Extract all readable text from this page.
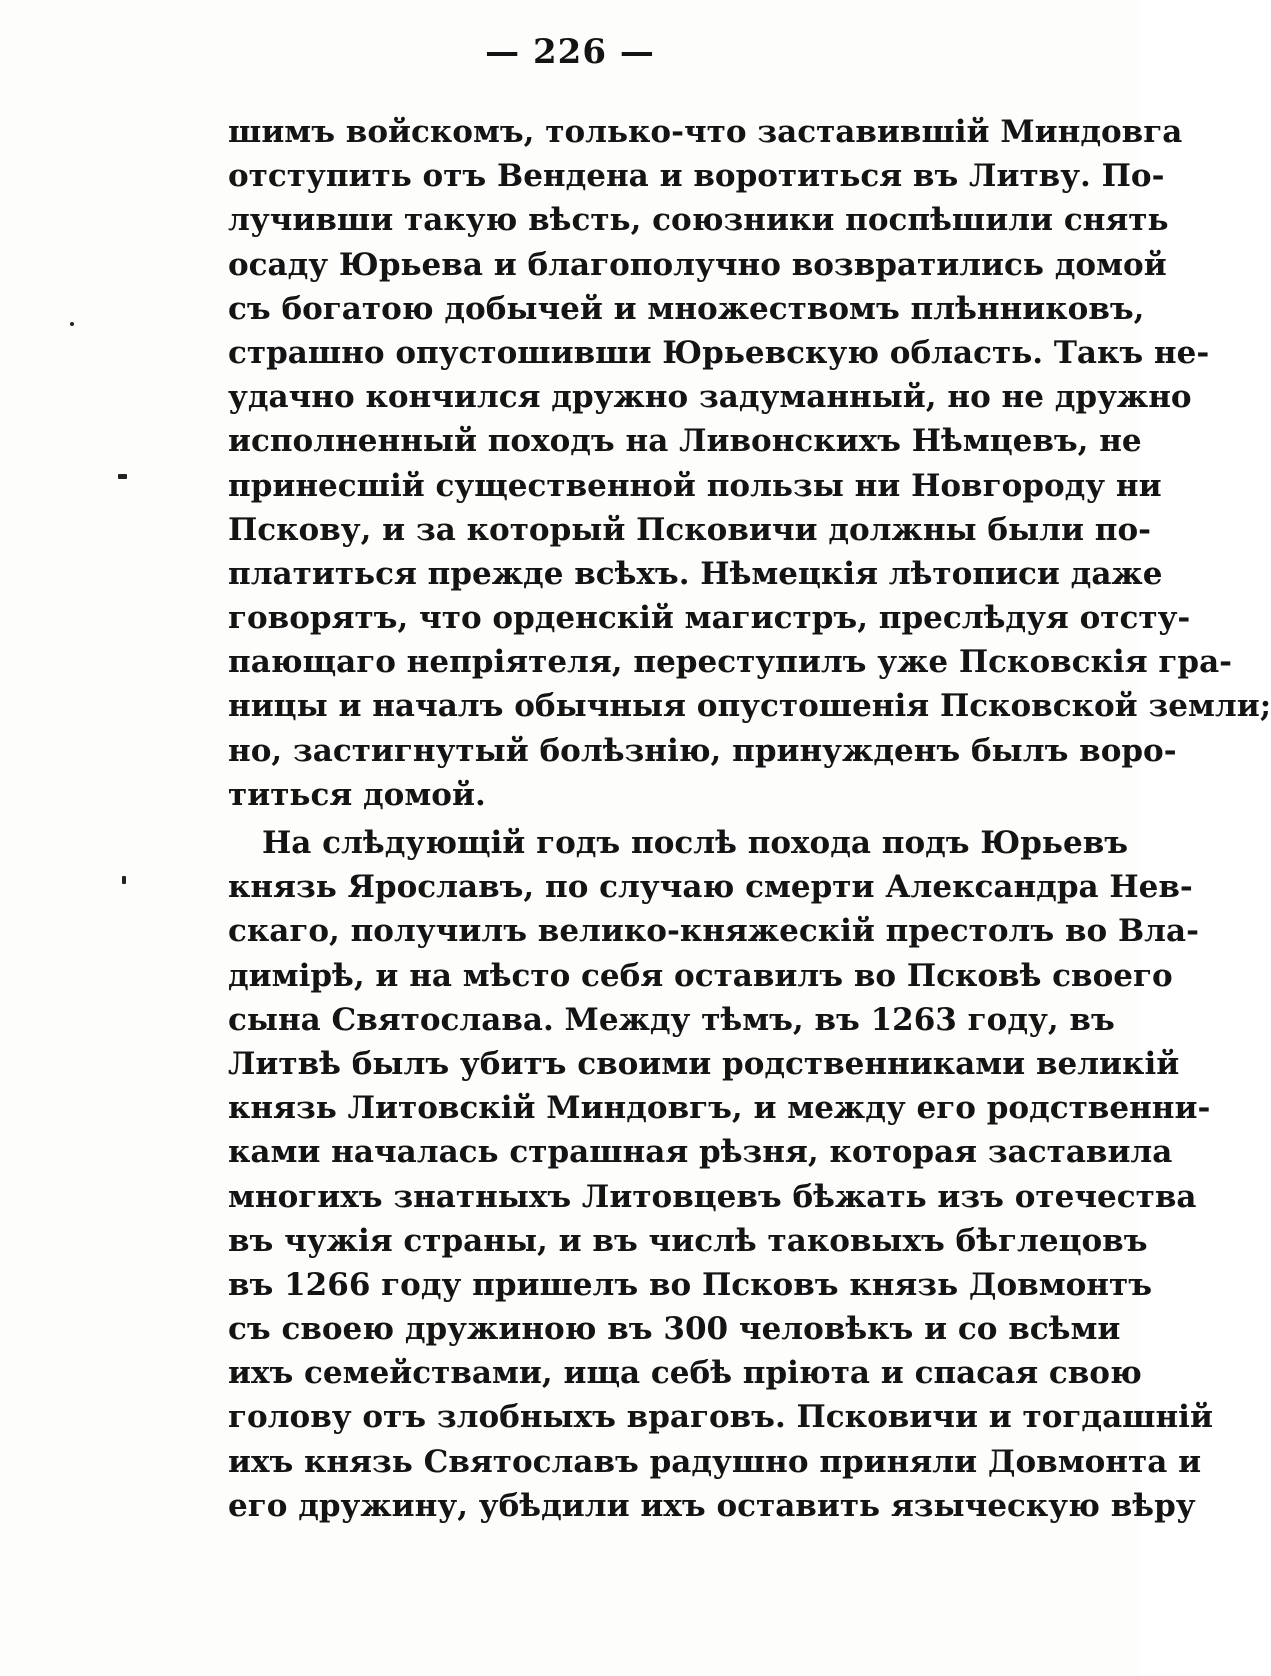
— 226 —
шимъ войскомъ, только-что заставившій Миндовга
отступить отъ Вендена и воротиться въ Литву. По-
лучивши такую вѣсть, союзники поспѣшили снять
осаду Юрьева и благополучно возвратились домой
съ богатою добычей и множествомъ плѣнниковъ,
страшно опустошивши Юрьевскую область. Такъ не-
удачно кончился дружно задуманный, но не дружно
исполненный походъ на Ливонскихъ Нѣмцевъ, не
принесшій существенной пользы ни Новгороду ни
Пскову, и за который Псковичи должны были по-
платиться прежде всѣхъ. Нѣмецкія лѣтописи даже
говорятъ, что орденскій магистръ, преслѣдуя отсту-
пающаго непріятеля, переступилъ уже Псковскія гра-
ницы и началъ обычныя опустошенія Псковской земли;
но, застигнутый болѣзнію, принужденъ былъ воро-
титься домой.
На слѣдующій годъ послѣ похода подъ Юрьевъ
князь Ярославъ, по случаю смерти Александра Нев-
скаго, получилъ велико-княжескій престолъ во Вла-
димірѣ, и на мѣсто себя оставилъ во Псковѣ своего
сына Святослава. Между тѣмъ, въ 1263 году, въ
Литвѣ былъ убитъ своими родственниками великій
князь Литовскій Миндовгъ, и между его родственни-
ками началась страшная рѣзня, которая заставила
многихъ знатныхъ Литовцевъ бѣжать изъ отечества
въ чужія страны, и въ числѣ таковыхъ бѣглецовъ
въ 1266 году пришелъ во Псковъ князь Довмонтъ
съ своею дружиною въ 300 человѣкъ и со всѣми
ихъ семействами, ища себѣ пріюта и спасая свою
голову отъ злобныхъ враговъ. Псковичи и тогдашній
ихъ князь Святославъ радушно приняли Довмонта и
его дружину, убѣдили ихъ оставить языческую вѣру
